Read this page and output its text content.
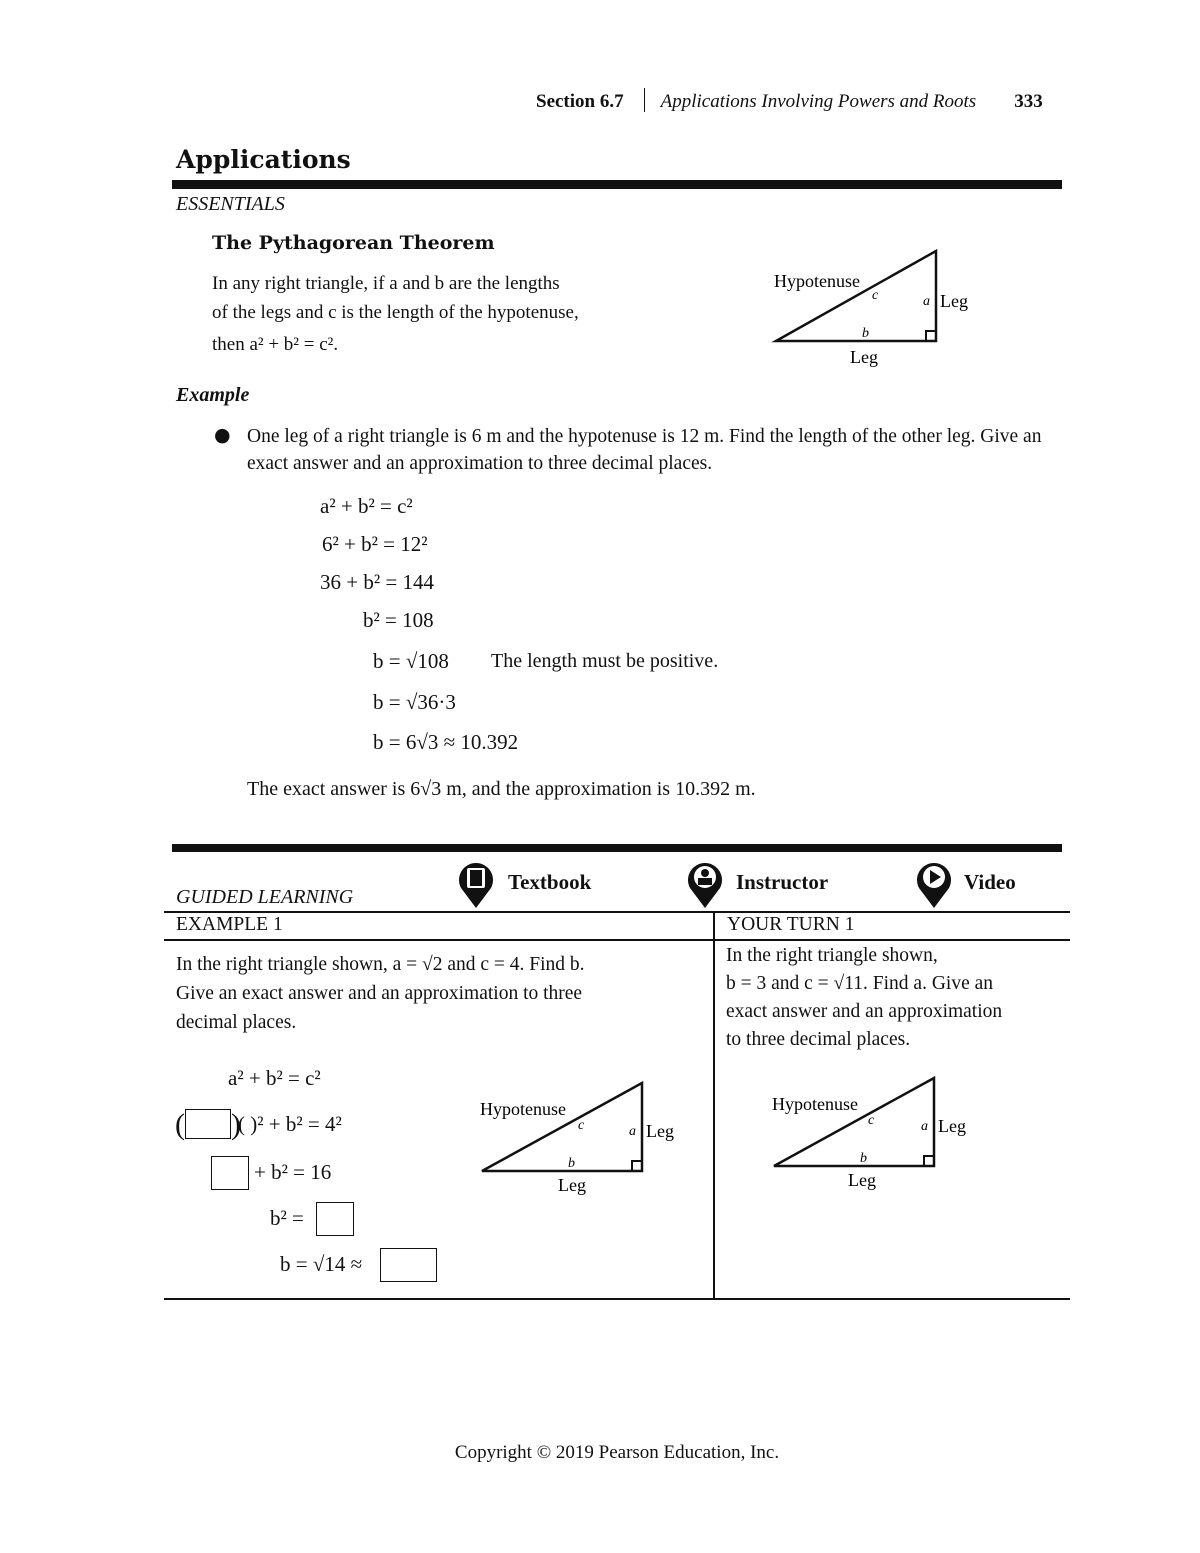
Section 6.7 Applications Involving Powers and Roots 333
Applications
ESSENTIALS
The Pythagorean Theorem
In any right triangle, if a and b are the lengths
of the legs and c is the length of the hypotenuse,
then a² + b² = c².
Hypotenuse
Leg
Leg
a
b
c
Example
● One leg of a right triangle is 6 m and the hypotenuse is 12 m. Find the length of the other leg. Give an exact answer and an approximation to three decimal places.
a² + b² = c²
6² + b² = 12²
36 + b² = 144
b² = 108
b = √108 The length must be positive.
b = √36·3
b = 6√3 ≈ 10.392
The exact answer is 6√3 m, and the approximation is 10.392 m.
GUIDED LEARNING
Textbook	Instructor	Video
EXAMPLE 1	YOUR TURN 1
In the right triangle shown, a = √2 and c = 4. Find b.
Give an exact answer and an approximation to three
decimal places.
a² + b² = c²
( )
( )² + b² = 4²
+ b² = 16
b² =
b = √14 ≈
Hypotenuse
Leg
Leg
a
b
c
In the right triangle shown,
b = 3 and c = √11. Find a. Give an
exact answer and an approximation
to three decimal places.
Hypotenuse
Leg
Leg
a
b
c
Copyright © 2019 Pearson Education, Inc.
